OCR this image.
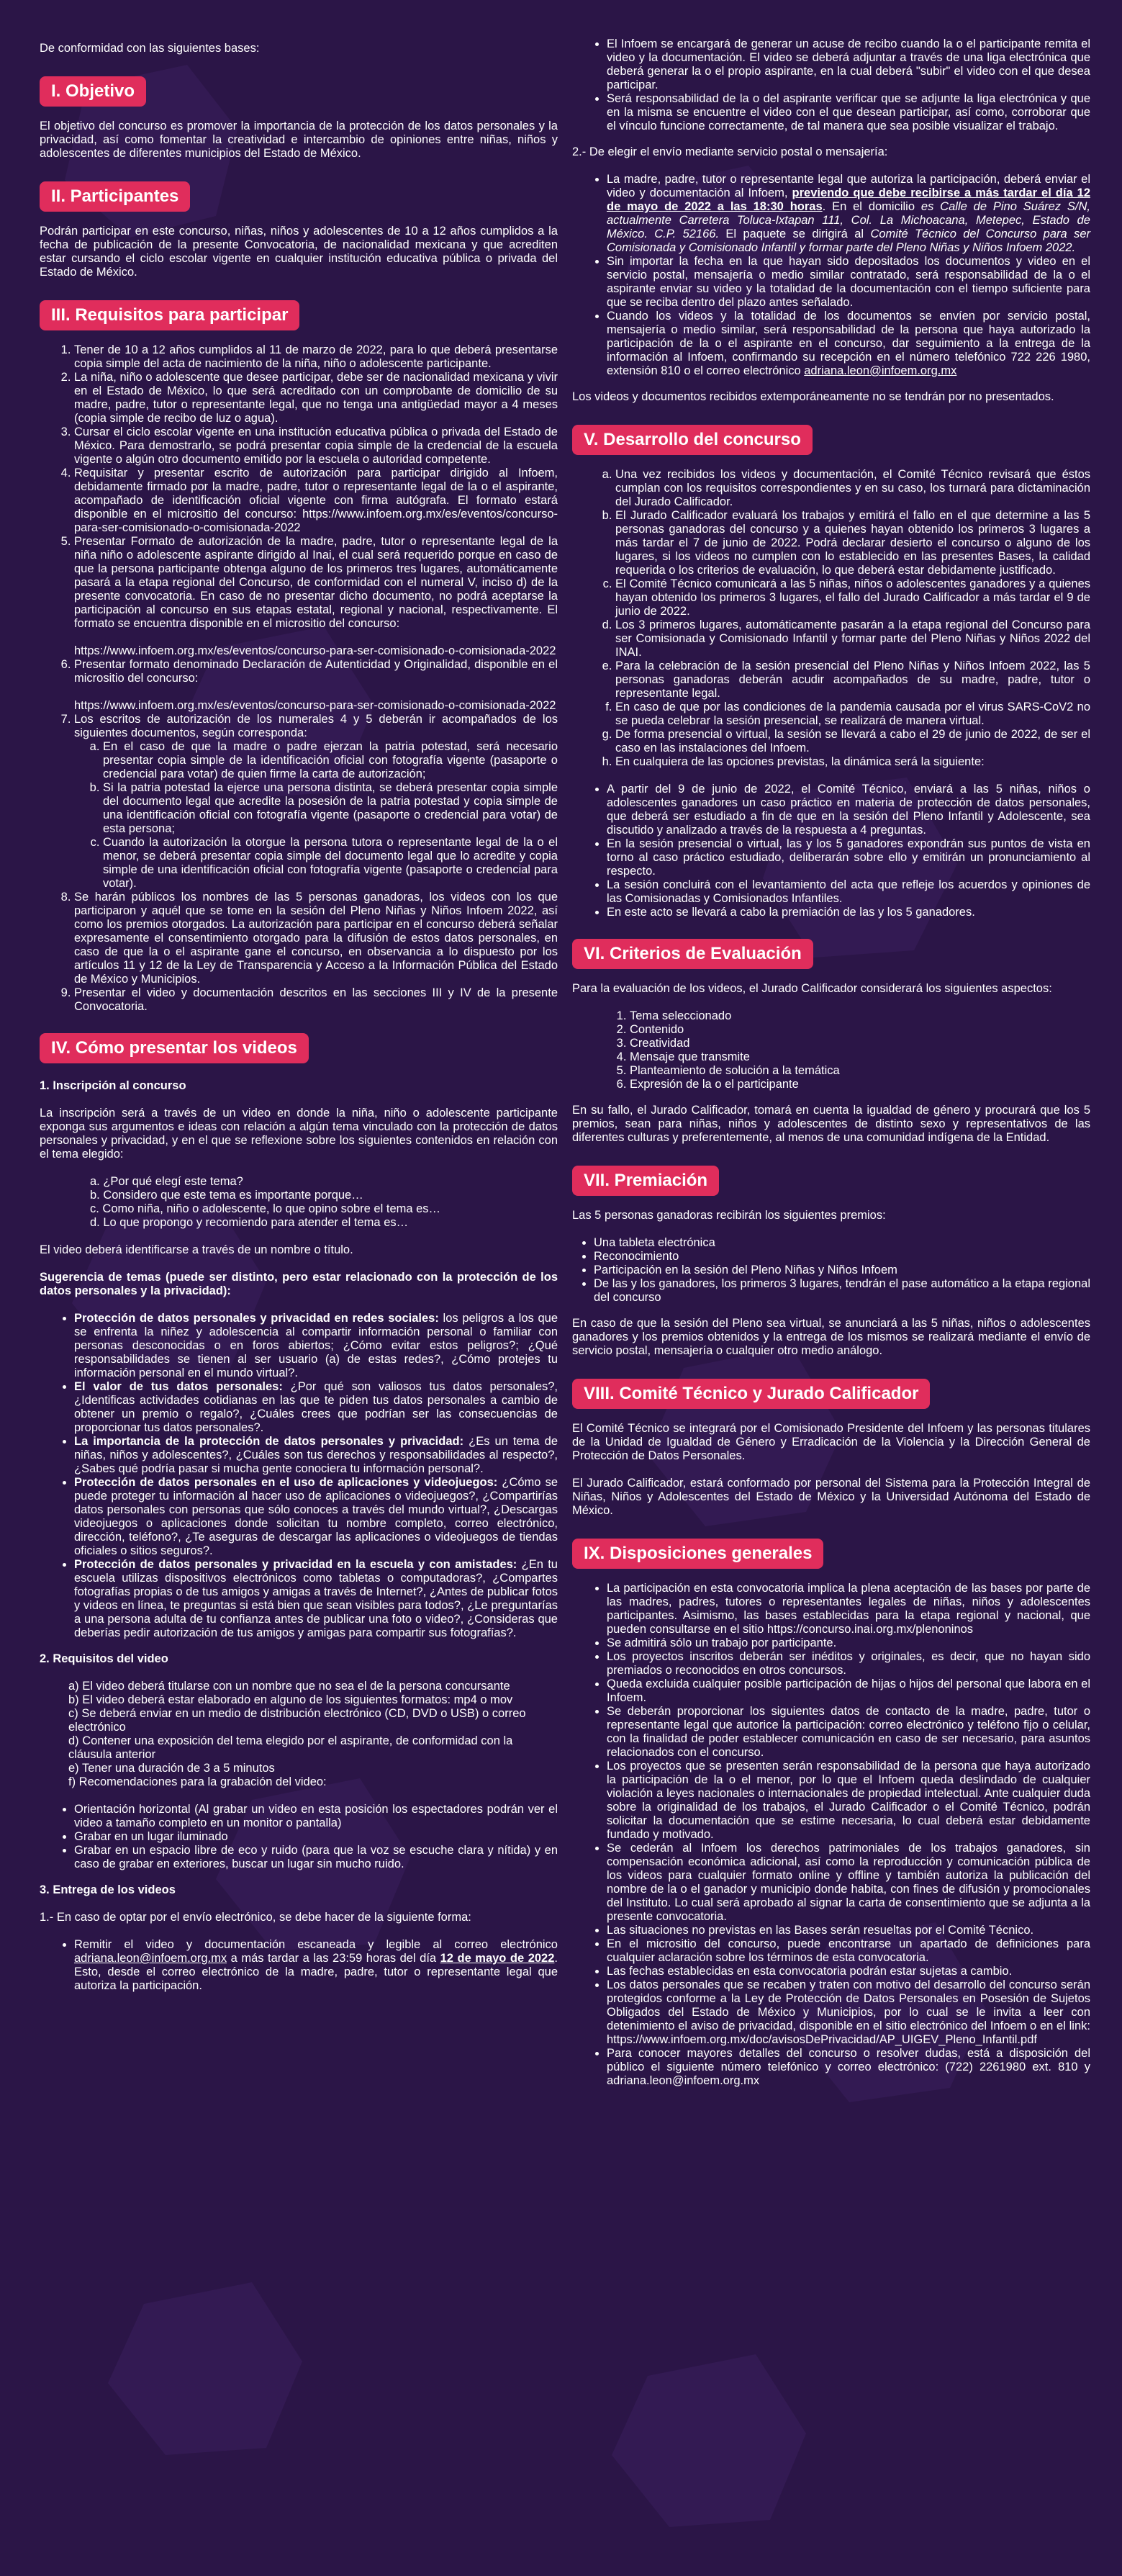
De conformidad con las siguientes bases:

I. Objetivo

El objetivo del concurso es promover la importancia de la protección de los datos personales y la privacidad, así como fomentar la creatividad e intercambio de opiniones entre niñas, niños y adolescentes de diferentes municipios del Estado de México.

II. Participantes

Podrán participar en este concurso, niñas, niños y adolescentes de 10 a 12 años cumplidos a la fecha de publicación de la presente Convocatoria, de nacionalidad mexicana y que acrediten estar cursando el ciclo escolar vigente en cualquier institución educativa pública o privada del Estado de México.

III. Requisitos para participar
1. Tener de 10 a 12 años cumplidos al 11 de marzo de 2022, para lo que deberá presentarse copia simple del acta de nacimiento de la niña, niño o adolescente participante.
2. La niña, niño o adolescente que desee participar, debe ser de nacionalidad mexicana y vivir en el Estado de México, lo que será acreditado con un comprobante de domicilio de su madre, padre, tutor o representante legal, que no tenga una antigüedad mayor a 4 meses (copia simple de recibo de luz o agua).
3. Cursar el ciclo escolar vigente en una institución educativa pública o privada del Estado de México. Para demostrarlo, se podrá presentar copia simple de la credencial de la escuela vigente o algún otro documento emitido por la escuela o autoridad competente.
4. Requisitar y presentar escrito de autorización para participar dirigido al Infoem, debidamente firmado por la madre, padre, tutor o representante legal de la o el aspirante, acompañado de identificación oficial vigente con firma autógrafa. El formato estará disponible en el micrositio del concurso: https://www.infoem.org.mx/es/eventos/concurso-para-ser-comisionado-o-comisionada-2022
5. Presentar Formato de autorización de la madre, padre, tutor o representante legal de la niña niño o adolescente aspirante dirigido al Inai, el cual será requerido porque en caso de que la persona participante obtenga alguno de los primeros tres lugares, automáticamente pasará a la etapa regional del Concurso, de conformidad con el numeral V, inciso d) de la presente convocatoria. En caso de no presentar dicho documento, no podrá aceptarse la participación al concurso en sus etapas estatal, regional y nacional, respectivamente. El formato se encuentra disponible en el micrositio del concurso:

https://www.infoem.org.mx/es/eventos/concurso-para-ser-comisionado-o-comisionada-2022
6. Presentar formato denominado Declaración de Autenticidad y Originalidad, disponible en el micrositio del concurso:

https://www.infoem.org.mx/es/eventos/concurso-para-ser-comisionado-o-comisionada-2022
7. Los escritos de autorización de los numerales 4 y 5 deberán ir acompañados de los siguientes documentos, según corresponda:
a. En el caso de que la madre o padre ejerzan la patria potestad, será necesario presentar copia simple de la identificación oficial con fotografía vigente (pasaporte o credencial para votar) de quien firme la carta de autorización;
b. Si la patria potestad la ejerce una persona distinta, se deberá presentar copia simple del documento legal que acredite la posesión de la patria potestad y copia simple de una identificación oficial con fotografía vigente (pasaporte o credencial para votar) de esta persona;
c. Cuando la autorización la otorgue la persona tutora o representante legal de la o el menor, se deberá presentar copia simple del documento legal que lo acredite y copia simple de una identificación oficial con fotografía vigente (pasaporte o credencial para votar).
8. Se harán públicos los nombres de las 5 personas ganadoras, los videos con los que participaron y aquél que se tome en la sesión del Pleno Niñas y Niños Infoem 2022, así como los premios otorgados. La autorización para participar en el concurso deberá señalar expresamente el consentimiento otorgado para la difusión de estos datos personales, en caso de que la o el aspirante gane el concurso, en observancia a lo dispuesto por los artículos 11 y 12 de la Ley de Transparencia y Acceso a la Información Pública del Estado de México y Municipios.
9. Presentar el video y documentación descritos en las secciones III y IV de la presente Convocatoria.
IV. Cómo presentar los videos
1. Inscripción al concurso

La inscripción será a través de un video en donde la niña, niño o adolescente participante exponga sus argumentos e ideas con relación a algún tema vinculado con la protección de datos personales y privacidad, y en el que se reflexione sobre los siguientes contenidos en relación con el tema elegido:

a. ¿Por qué elegí este tema?
b. Considero que este tema es importante porque…
c. Como niña, niño o adolescente, lo que opino sobre el tema es…
d. Lo que propongo y recomiendo para atender el tema es…

El video deberá identificarse a través de un nombre o título.

Sugerencia de temas (puede ser distinto, pero estar relacionado con la protección de los datos personales y la privacidad):

• Protección de datos personales y privacidad en redes sociales: los peligros a los que se enfrenta la niñez y adolescencia al compartir información personal o familiar con personas desconocidas o en foros abiertos; ¿Cómo evitar estos peligros?; ¿Qué responsabilidades se tienen al ser usuario (a) de estas redes?, ¿Cómo protejes tu información personal en el mundo virtual?.
• El valor de tus datos personales: ¿Por qué son valiosos tus datos personales?, ¿Identificas actividades cotidianas en las que te piden tus datos personales a cambio de obtener un premio o regalo?, ¿Cuáles crees que podrían ser las consecuencias de proporcionar tus datos personales?.
• La importancia de la protección de datos personales y privacidad: ¿Es un tema de niñas, niños y adolescentes?, ¿Cuáles son tus derechos y responsabilidades al respecto?, ¿Sabes qué podría pasar si mucha gente conociera tu información personal?.
• Protección de datos personales en el uso de aplicaciones y videojuegos: ¿Cómo se puede proteger tu información al hacer uso de aplicaciones o videojuegos?, ¿Compartirías datos personales con personas que sólo conoces a través del mundo virtual?, ¿Descargas videojuegos o aplicaciones donde solicitan tu nombre completo, correo electrónico, dirección, teléfono?, ¿Te aseguras de descargar las aplicaciones o videojuegos de tiendas oficiales o sitios seguros?.
• Protección de datos personales y privacidad en la escuela y con amistades: ¿En tu escuela utilizas dispositivos electrónicos como tabletas o computadoras?, ¿Compartes fotografías propias o de tus amigos y amigas a través de Internet?, ¿Antes de publicar fotos y videos en línea, te preguntas si está bien que sean visibles para todos?, ¿Le preguntarías a una persona adulta de tu confianza antes de publicar una foto o video?, ¿Consideras que deberías pedir autorización de tus amigos y amigas para compartir sus fotografías?.
2. Requisitos del video
a) El video deberá titularse con un nombre que no sea el de la persona concursante
b) El video deberá estar elaborado en alguno de los siguientes formatos: mp4 o mov
c) Se deberá enviar en un medio de distribución electrónico (CD, DVD o USB) o correo electrónico
d) Contener una exposición del tema elegido por el aspirante, de conformidad con la cláusula anterior
e) Tener una duración de 3 a 5 minutos
f) Recomendaciones para la grabación del video:
• Orientación horizontal (Al grabar un video en esta posición los espectadores podrán ver el video a tamaño completo en un monitor o pantalla)
• Grabar en un lugar iluminado
• Grabar en un espacio libre de eco y ruido (para que la voz se escuche clara y nítida) y en caso de grabar en exteriores, buscar un lugar sin mucho ruido.
3. Entrega de los videos

1.- En caso de optar por el envío electrónico, se debe hacer de la siguiente forma:

• Remitir el video y documentación escaneada y legible al correo electrónico adriana.leon@infoem.org.mx a más tardar a las 23:59 horas del día 12 de mayo de 2022. Esto, desde el correo electrónico de la madre, padre, tutor o representante legal que autoriza la participación.
• El Infoem se encargará de generar un acuse de recibo cuando la o el participante remita el video y la documentación. El video se deberá adjuntar a través de una liga electrónica que deberá generar la o el propio aspirante, en la cual deberá "subir" el video con el que desea participar.
• Será responsabilidad de la o del aspirante verificar que se adjunte la liga electrónica y que en la misma se encuentre el video con el que desean participar, así como, corroborar que el vínculo funcione correctamente, de tal manera que sea posible visualizar el trabajo.

2.- De elegir el envío mediante servicio postal o mensajería:

• La madre, padre, tutor o representante legal que autoriza la participación, deberá enviar el video y documentación al Infoem, previendo que debe recibirse a más tardar el día 12 de mayo de 2022 a las 18:30 horas. En el domicilio es Calle de Pino Suárez S/N, actualmente Carretera Toluca-Ixtapan 111, Col. La Michoacana, Metepec, Estado de México. C.P. 52166. El paquete se dirigirá al Comité Técnico del Concurso para ser Comisionada y Comisionado Infantil y formar parte del Pleno Niñas y Niños Infoem 2022.
• Sin importar la fecha en la que hayan sido depositados los documentos y video en el servicio postal, mensajería o medio similar contratado, será responsabilidad de la o el aspirante enviar su video y la totalidad de la documentación con el tiempo suficiente para que se reciba dentro del plazo antes señalado.
• Cuando los videos y la totalidad de los documentos se envíen por servicio postal, mensajería o medio similar, será responsabilidad de la persona que haya autorizado la participación de la o el aspirante en el concurso, dar seguimiento a la entrega de la información al Infoem, confirmando su recepción en el número telefónico 722 226 1980, extensión 810 o el correo electrónico adriana.leon@infoem.org.mx

Los videos y documentos recibidos extemporáneamente no se tendrán por no presentados.

V. Desarrollo del concurso
a. Una vez recibidos los videos y documentación, el Comité Técnico revisará que éstos cumplan con los requisitos correspondientes y en su caso, los turnará para dictaminación del Jurado Calificador.
b. El Jurado Calificador evaluará los trabajos y emitirá el fallo en el que determine a las 5 personas ganadoras del concurso y a quienes hayan obtenido los primeros 3 lugares a más tardar el 7 de junio de 2022. Podrá declarar desierto el concurso o alguno de los lugares, si los videos no cumplen con lo establecido en las presentes Bases, la calidad requerida o los criterios de evaluación, lo que deberá estar debidamente justificado.
c. El Comité Técnico comunicará a las 5 niñas, niños o adolescentes ganadores y a quienes hayan obtenido los primeros 3 lugares, el fallo del Jurado Calificador a más tardar el 9 de junio de 2022.
d. Los 3 primeros lugares, automáticamente pasarán a la etapa regional del Concurso para ser Comisionada y Comisionado Infantil y formar parte del Pleno Niñas y Niños 2022 del INAI.
e. Para la celebración de la sesión presencial del Pleno Niñas y Niños Infoem 2022, las 5 personas ganadoras deberán acudir acompañados de su madre, padre, tutor o representante legal.
f. En caso de que por las condiciones de la pandemia causada por el virus SARS-CoV2 no se pueda celebrar la sesión presencial, se realizará de manera virtual.
g. De forma presencial o virtual, la sesión se llevará a cabo el 29 de junio de 2022, de ser el caso en las instalaciones del Infoem.
h. En cualquiera de las opciones previstas, la dinámica será la siguiente:
• A partir del 9 de junio de 2022, el Comité Técnico, enviará a las 5 niñas, niños o adolescentes ganadores un caso práctico en materia de protección de datos personales, que deberá ser estudiado a fin de que en la sesión del Pleno Infantil y Adolescente, sea discutido y analizado a través de la respuesta a 4 preguntas.
• En la sesión presencial o virtual, las y los 5 ganadores expondrán sus puntos de vista en torno al caso práctico estudiado, deliberarán sobre ello y emitirán un pronunciamiento al respecto.
• La sesión concluirá con el levantamiento del acta que refleje los acuerdos y opiniones de las Comisionadas y Comisionados Infantiles.
• En este acto se llevará a cabo la premiación de las y los 5 ganadores.
VI. Criterios de Evaluación

Para la evaluación de los videos, el Jurado Calificador considerará los siguientes aspectos:

1. Tema seleccionado
2. Contenido
3. Creatividad
4. Mensaje que transmite
5. Planteamiento de solución a la temática
6. Expresión de la o el participante

En su fallo, el Jurado Calificador, tomará en cuenta la igualdad de género y procurará que los 5 premios, sean para niñas, niños y adolescentes de distinto sexo y representativos de las diferentes culturas y preferentemente, al menos de una comunidad indígena de la Entidad.

VII. Premiación

Las 5 personas ganadoras recibirán los siguientes premios:

• Una tableta electrónica
• Reconocimiento
• Participación en la sesión del Pleno Niñas y Niños Infoem
• De las y los ganadores, los primeros 3 lugares, tendrán el pase automático a la etapa regional del concurso

En caso de que la sesión del Pleno sea virtual, se anunciará a las 5 niñas, niños o adolescentes ganadores y los premios obtenidos y la entrega de los mismos se realizará mediante el envío de servicio postal, mensajería o cualquier otro medio análogo.

VIII. Comité Técnico y Jurado Calificador

El Comité Técnico se integrará por el Comisionado Presidente del Infoem y las personas titulares de la Unidad de Igualdad de Género y Erradicación de la Violencia y la Dirección General de Protección de Datos Personales.

El Jurado Calificador, estará conformado por personal del Sistema para la Protección Integral de Niñas, Niños y Adolescentes del Estado de México y la Universidad Autónoma del Estado de México.

IX. Disposiciones generales
• La participación en esta convocatoria implica la plena aceptación de las bases por parte de las madres, padres, tutores o representantes legales de niñas, niños y adolescentes participantes. Asimismo, las bases establecidas para la etapa regional y nacional, que pueden consultarse en el sitio https://concurso.inai.org.mx/plenoninos
• Se admitirá sólo un trabajo por participante.
• Los proyectos inscritos deberán ser inéditos y originales, es decir, que no hayan sido premiados o reconocidos en otros concursos.
• Queda excluida cualquier posible participación de hijas o hijos del personal que labora en el Infoem.
• Se deberán proporcionar los siguientes datos de contacto de la madre, padre, tutor o representante legal que autorice la participación: correo electrónico y teléfono fijo o celular, con la finalidad de poder establecer comunicación en caso de ser necesario, para asuntos relacionados con el concurso.
• Los proyectos que se presenten serán responsabilidad de la persona que haya autorizado la participación de la o el menor, por lo que el Infoem queda deslindado de cualquier violación a leyes nacionales o internacionales de propiedad intelectual. Ante cualquier duda sobre la originalidad de los trabajos, el Jurado Calificador o el Comité Técnico, podrán solicitar la documentación que se estime necesaria, lo cual deberá estar debidamente fundado y motivado.
• Se cederán al Infoem los derechos patrimoniales de los trabajos ganadores, sin compensación económica adicional, así como la reproducción y comunicación pública de los videos para cualquier formato online y offline y también autoriza la publicación del nombre de la o el ganador y municipio donde habita, con fines de difusión y promocionales del Instituto. Lo cual será aprobado al signar la carta de consentimiento que se adjunta a la presente convocatoria.
• Las situaciones no previstas en las Bases serán resueltas por el Comité Técnico.
• En el micrositio del concurso, puede encontrarse un apartado de definiciones para cualquier aclaración sobre los términos de esta convocatoria.
• Las fechas establecidas en esta convocatoria podrán estar sujetas a cambio.
• Los datos personales que se recaben y traten con motivo del desarrollo del concurso serán protegidos conforme a la Ley de Protección de Datos Personales en Posesión de Sujetos Obligados del Estado de México y Municipios, por lo cual se le invita a leer con detenimiento el aviso de privacidad, disponible en el sitio electrónico del Infoem o en el link: https://www.infoem.org.mx/doc/avisosDePrivacidad/AP_UIGEV_Pleno_Infantil.pdf
• Para conocer mayores detalles del concurso o resolver dudas, está a disposición del público el siguiente número telefónico y correo electrónico: (722) 2261980 ext. 810 y adriana.leon@infoem.org.mx
